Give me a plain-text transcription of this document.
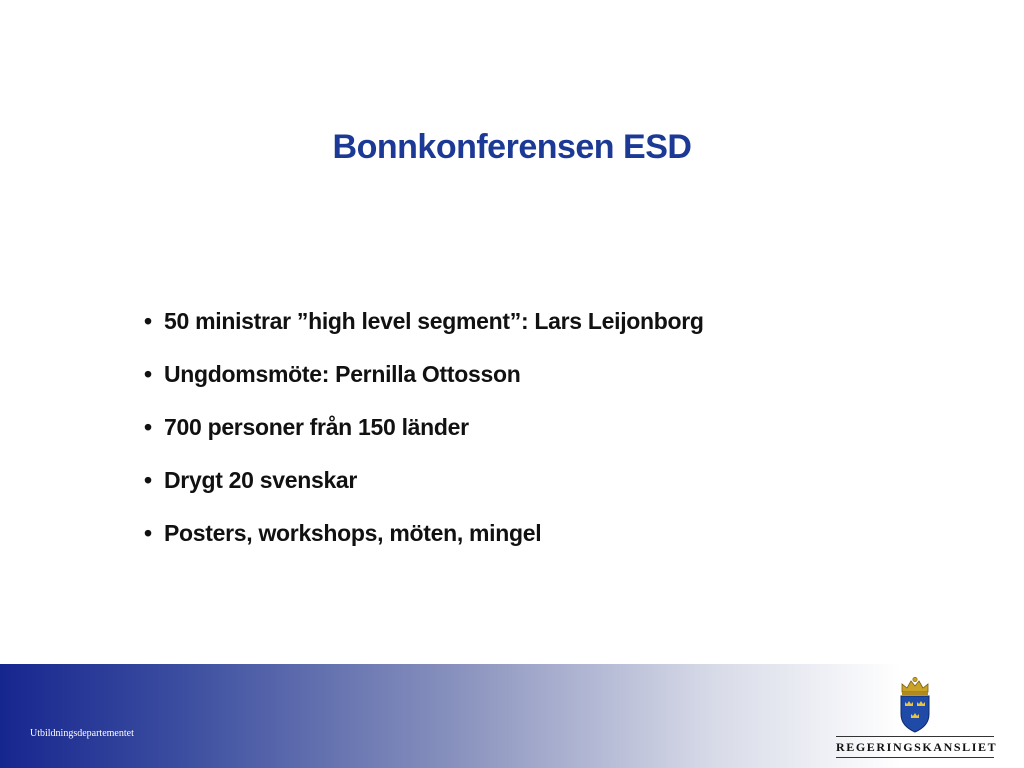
Bonnkonferensen ESD
• 50 ministrar ”high level segment”: Lars Leijonborg
• Ungdomsmöte: Pernilla Ottosson
• 700 personer från 150 länder
• Drygt 20 svenskar
• Posters, workshops, möten, mingel
Utbildningsdepartementet
REGERINGSKANSLIET
